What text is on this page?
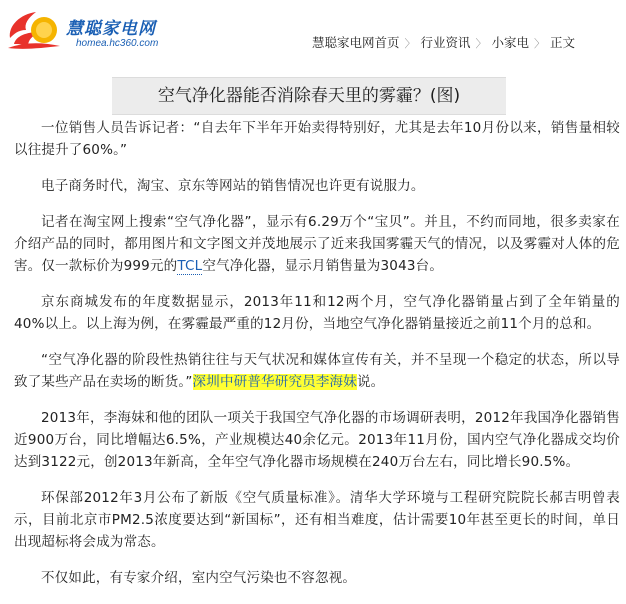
慧聪家电网
homea.hc360.com	慧聪家电网首页 〉 行业资讯 〉 小家电 〉 正文
空气净化器能否消除春天里的雾霾？(图)

一位销售人员告诉记者：“自去年下半年开始卖得特别好，尤其是去年10月份以来，销售量相较以往提升了60%。”

电子商务时代，淘宝、京东等网站的销售情况也许更有说服力。

记者在淘宝网上搜索“空气净化器”，显示有6.29万个“宝贝”。并且，不约而同地，很多卖家在介绍产品的同时，都用图片和文字图文并茂地展示了近来我国雾霾天气的情况，以及雾霾对人体的危害。仅一款标价为999元的TCL空气净化器，显示月销售量为3043台。

京东商城发布的年度数据显示，2013年11和12两个月，空气净化器销量占到了全年销量的40%以上。以上海为例，在雾霾最严重的12月份，当地空气净化器销量接近之前11个月的总和。

“空气净化器的阶段性热销往往与天气状况和媒体宣传有关，并不呈现一个稳定的状态，所以导致了某些产品在卖场的断货。”深圳中研普华研究员李海妹说。

2013年，李海妹和他的团队一项关于我国空气净化器的市场调研表明，2012年我国净化器销售近900万台，同比增幅达6.5%，产业规模达40余亿元。2013年11月份，国内空气净化器成交均价达到3122元，创2013年新高，全年空气净化器市场规模在240万台左右，同比增长90.5%。

环保部2012年3月公布了新版《空气质量标准》。清华大学环境与工程研究院院长郝吉明曾表示，目前北京市PM2.5浓度要达到“新国标”，还有相当难度，估计需要10年甚至更长的时间，单日出现超标将会成为常态。

不仅如此，有专家介绍，室内空气污染也不容忽视。
